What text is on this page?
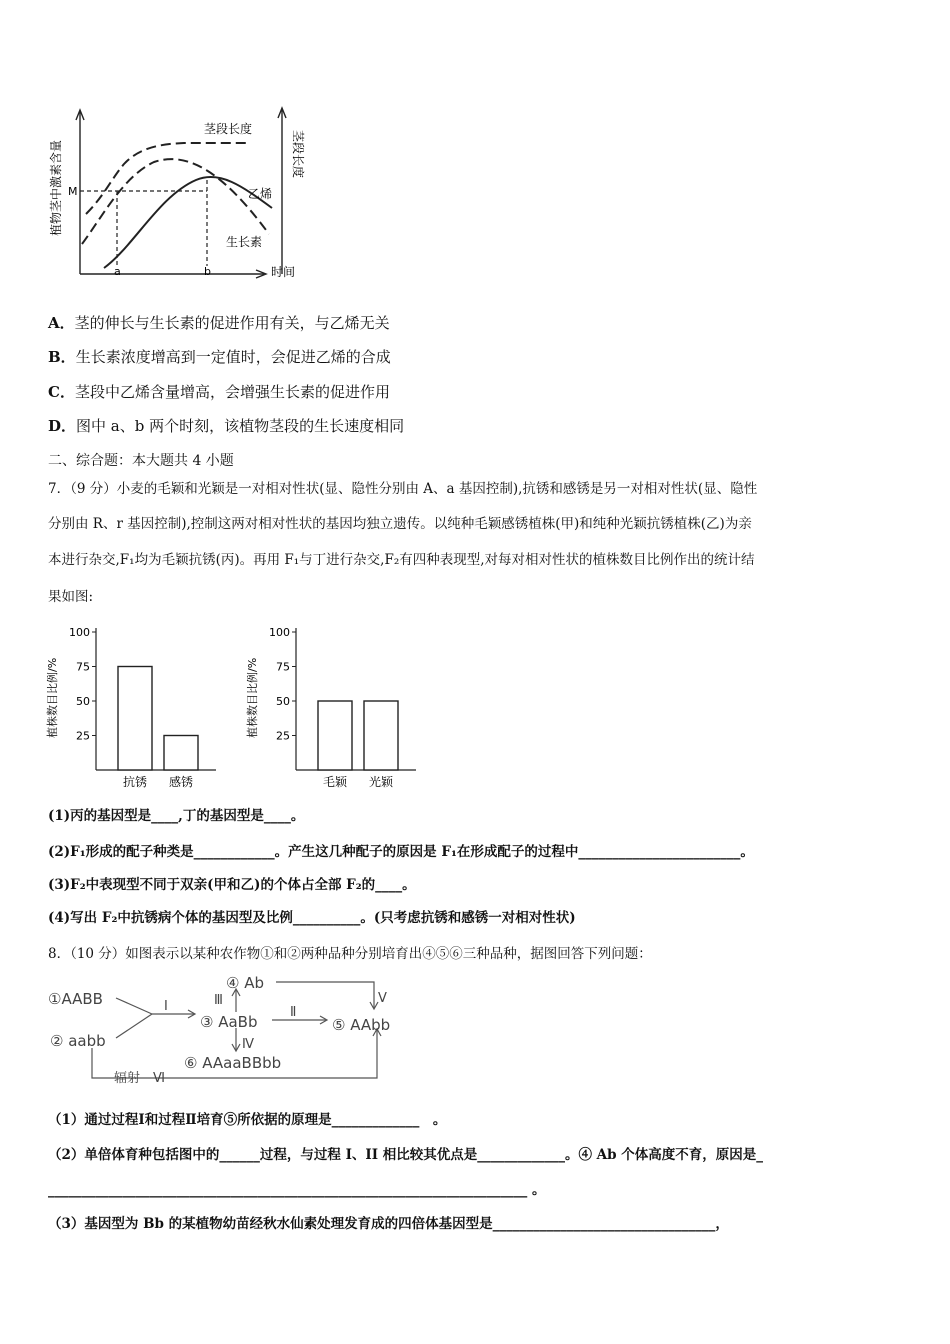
植物茎中激素含量	茎段长度
茎段长度
乙烯
生长素
M
a	b	时间
A．茎的伸长与生长素的促进作用有关，与乙烯无关
B．生长素浓度增高到一定值时，会促进乙烯的合成
C．茎段中乙烯含量增高，会增强生长素的促进作用
D．图中 a、b 两个时刻，该植物茎段的生长速度相同
二、综合题：本大题共 4 小题
7．（9 分）小麦的毛颖和光颖是一对相对性状(显、隐性分别由 A、a 基因控制),抗锈和感锈是另一对相对性状(显、隐性
分别由 R、r 基因控制),控制这两对相对性状的基因均独立遗传。以纯种毛颖感锈植株(甲)和纯种光颖抗锈植株(乙)为亲
本进行杂交,F₁均为毛颖抗锈(丙)。再用 F₁与丁进行杂交,F₂有四种表现型,对每对相对性状的植株数目比例作出的统计结
果如图:
植株数目比例/%
100
75
50
25
抗锈 感锈
植株数目比例/%
100
75
50
25
毛颖 光颖
(1)丙的基因型是____,丁的基因型是____。
(2)F₁形成的配子种类是____________。产生这几种配子的原因是 F₁在形成配子的过程中________________________。
(3)F₂中表现型不同于双亲(甲和乙)的个体占全部 F₂的____。
(4)写出 F₂中抗锈病个体的基因型及比例__________。(只考虑抗锈和感锈一对相对性状)
8．（10 分）如图表示以某种农作物①和②两种品种分别培育出④⑤⑥三种品种，据图回答下列问题：
①AABB
② aabb
③ AaBb
④ Ab
⑤ AAbb
⑥ AAaaBBbb
Ⅰ	Ⅱ
Ⅲ
Ⅳ
Ⅴ
辐射　Ⅵ
（1）通过过程Ⅰ和过程Ⅱ培育⑤所依据的原理是_____________　。
（2）单倍体育种包括图中的______过程，与过程 I、II 相比较其优点是_____________。④ Ab 个体高度不育，原因是_
_______________________________________________________________________ 。
（3）基因型为 Bb 的某植物幼苗经秋水仙素处理发育成的四倍体基因型是_________________________________，
